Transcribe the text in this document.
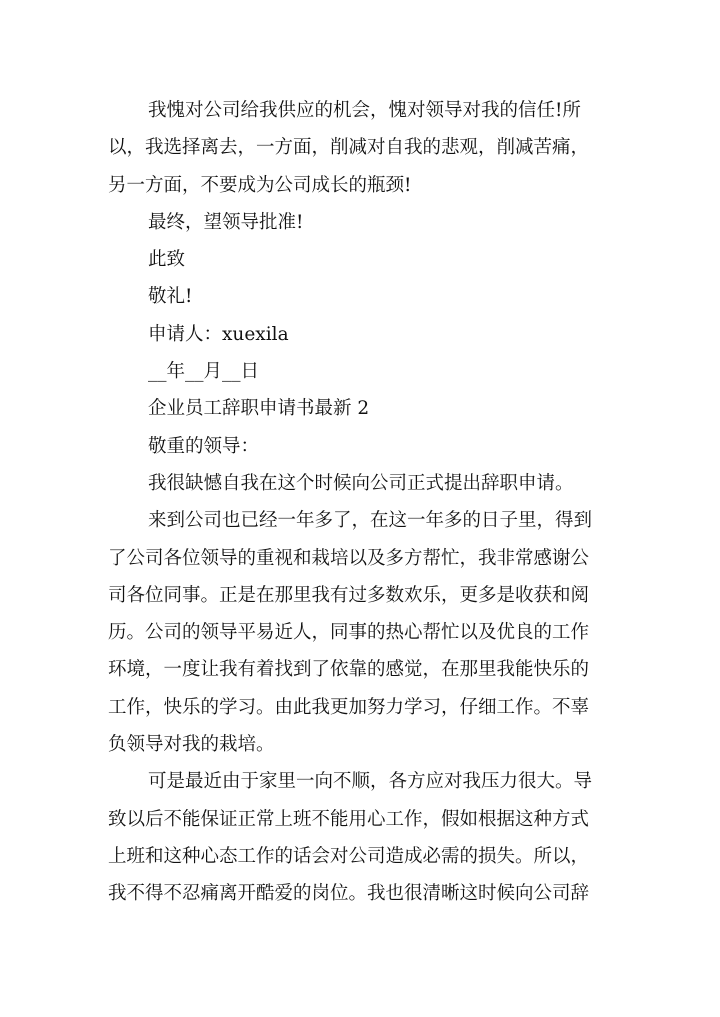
我愧对公司给我供应的机会，愧对领导对我的信任!所
以，我选择离去，一方面，削减对自我的悲观，削减苦痛，
另一方面，不要成为公司成长的瓶颈!
最终，望领导批准!
此致
敬礼!
申请人：xuexila
__年__月__日
企业员工辞职申请书最新 2
敬重的领导：
我很缺憾自我在这个时候向公司正式提出辞职申请。
来到公司也已经一年多了，在这一年多的日子里，得到
了公司各位领导的重视和栽培以及多方帮忙，我非常感谢公
司各位同事。正是在那里我有过多数欢乐，更多是收获和阅
历。公司的领导平易近人，同事的热心帮忙以及优良的工作
环境，一度让我有着找到了依靠的感觉，在那里我能快乐的
工作，快乐的学习。由此我更加努力学习，仔细工作。不辜
负领导对我的栽培。
可是最近由于家里一向不顺，各方应对我压力很大。导
致以后不能保证正常上班不能用心工作，假如根据这种方式
上班和这种心态工作的话会对公司造成必需的损失。所以，
我不得不忍痛离开酷爱的岗位。我也很清晰这时候向公司辞
